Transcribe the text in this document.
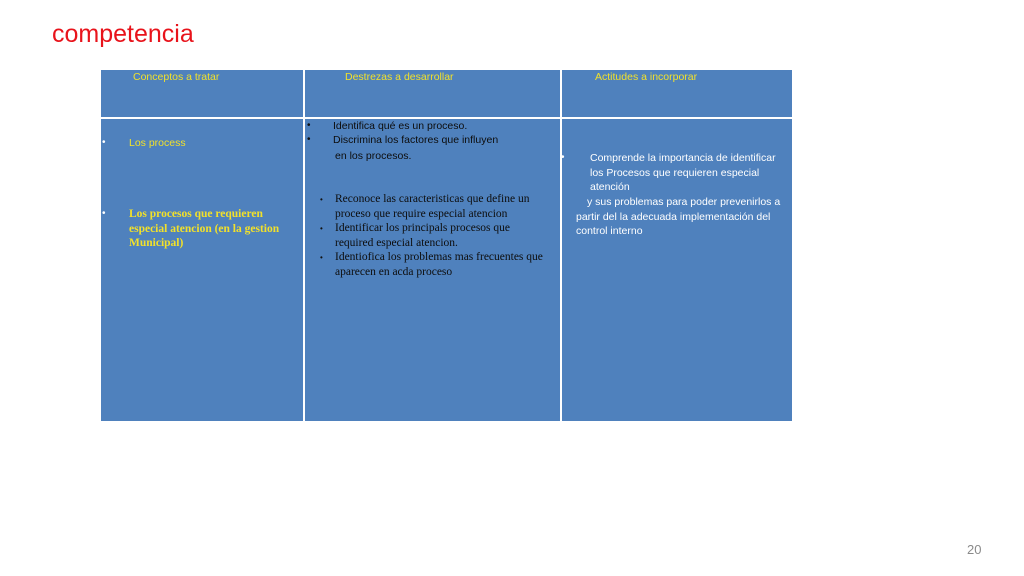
competencia
Conceptos a tratar	Destrezas a desarrollar	Actitudes a incorporar
• Los process
• Los procesos que requieren especial atencion (en la gestion Municipal)
• Identifica qué es un proceso.
• Discrimina los factores que influyen
en los procesos.
• Reconoce las caracteristicas que define un proceso que require especial atencion
• Identificar los principals procesos que required especial atencion.
• Identiofica los problemas mas frecuentes que aparecen en acda proceso
• Comprende la importancia de identificar los Procesos que requieren especial atención
y sus problemas para poder prevenirlos a partir del la adecuada implementación del control interno
20
